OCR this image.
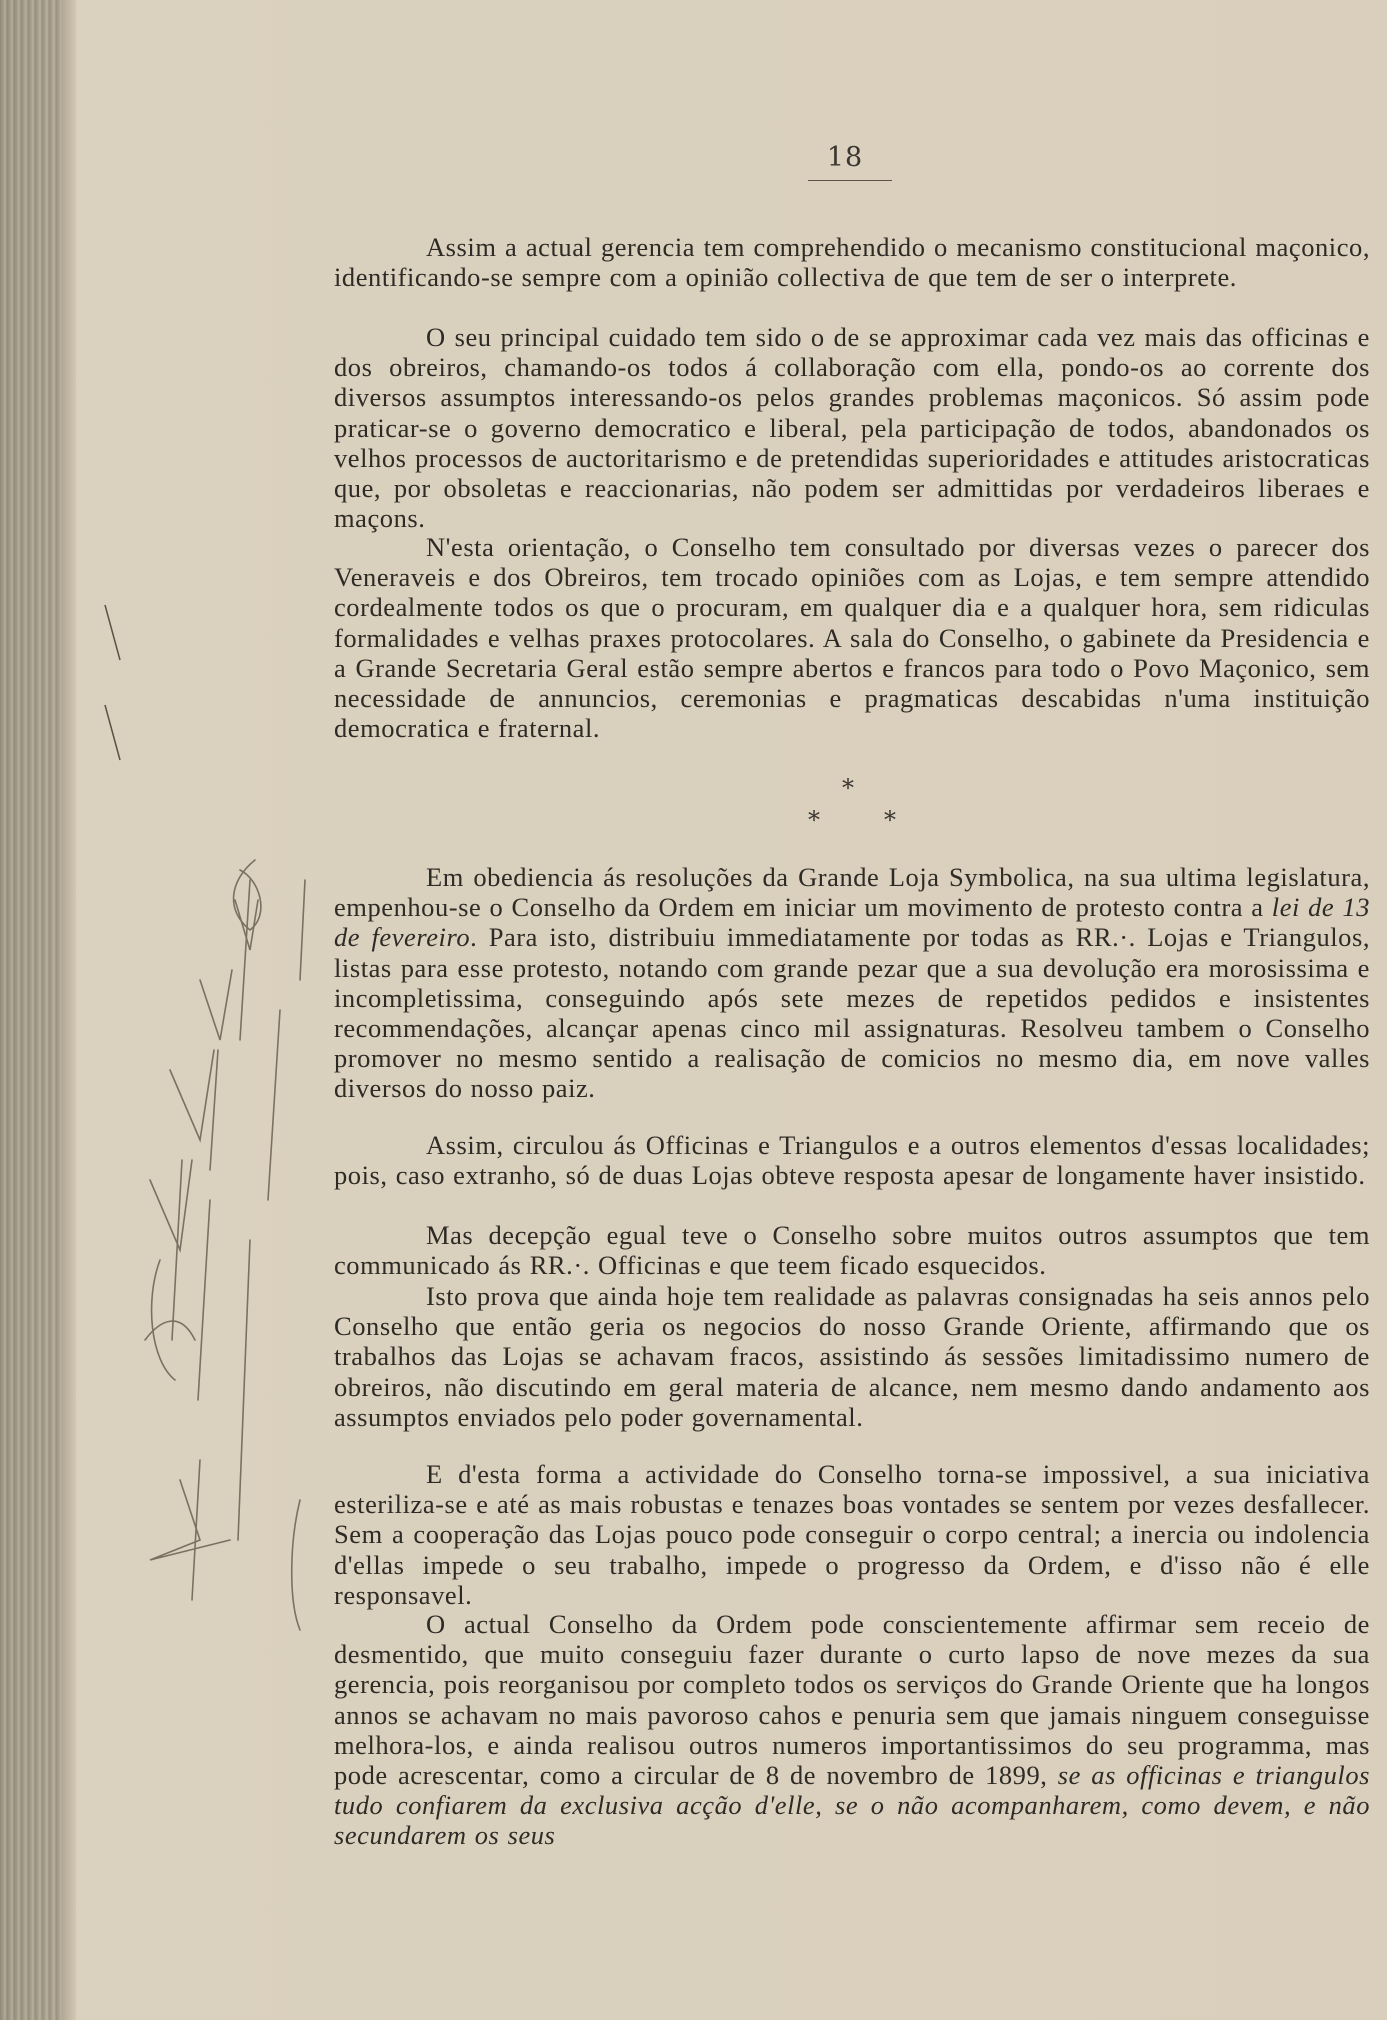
18

Assim a actual gerencia tem comprehendido o mecanismo constitucional maçonico, identificando-se sempre com a opinião collectiva de que tem de ser o interprete.

O seu principal cuidado tem sido o de se approximar cada vez mais das officinas e dos obreiros, chamando-os todos á collaboração com ella, pondo-os ao corrente dos diversos assumptos interessando-os pelos grandes problemas maçonicos. Só assim pode praticar-se o governo democratico e liberal, pela participação de todos, abandonados os velhos processos de auctoritarismo e de pretendidas superioridades e attitudes aristocraticas que, por obsoletas e reaccionarias, não podem ser admittidas por verdadeiros liberaes e maçons.

N'esta orientação, o Conselho tem consultado por diversas vezes o parecer dos Veneraveis e dos Obreiros, tem trocado opiniões com as Lojas, e tem sempre attendido cordealmente todos os que o procuram, em qualquer dia e a qualquer hora, sem ridiculas formalidades e velhas praxes protocolares. A sala do Conselho, o gabinete da Presidencia e a Grande Secretaria Geral estão sempre abertos e francos para todo o Povo Maçonico, sem necessidade de annuncios, ceremonias e pragmaticas descabidas n'uma instituição democratica e fraternal.

*
*	*

Em obediencia ás resoluções da Grande Loja Symbolica, na sua ultima legislatura, empenhou-se o Conselho da Ordem em iniciar um movimento de protesto contra a lei de 13 de fevereiro. Para isto, distribuiu immediatamente por todas as RR.·. Lojas e Triangulos, listas para esse protesto, notando com grande pezar que a sua devolução era morosissima e incompletissima, conseguindo após sete mezes de repetidos pedidos e insistentes recommendações, alcançar apenas cinco mil assignaturas. Resolveu tambem o Conselho promover no mesmo sentido a realisação de comicios no mesmo dia, em nove valles diversos do nosso paiz.

Assim, circulou ás Officinas e Triangulos e a outros elementos d'essas localidades; pois, caso extranho, só de duas Lojas obteve resposta apesar de longamente haver insistido.

Mas decepção egual teve o Conselho sobre muitos outros assumptos que tem communicado ás RR.·. Officinas e que teem ficado esquecidos.

Isto prova que ainda hoje tem realidade as palavras consignadas ha seis annos pelo Conselho que então geria os negocios do nosso Grande Oriente, affirmando que os trabalhos das Lojas se achavam fracos, assistindo ás sessões limitadissimo numero de obreiros, não discutindo em geral materia de alcance, nem mesmo dando andamento aos assumptos enviados pelo poder governamental.

E d'esta forma a actividade do Conselho torna-se impossivel, a sua iniciativa esteriliza-se e até as mais robustas e tenazes boas vontades se sentem por vezes desfallecer. Sem a cooperação das Lojas pouco pode conseguir o corpo central; a inercia ou indolencia d'ellas impede o seu trabalho, impede o progresso da Ordem, e d'isso não é elle responsavel.

O actual Conselho da Ordem pode conscientemente affirmar sem receio de desmentido, que muito conseguiu fazer durante o curto lapso de nove mezes da sua gerencia, pois reorganisou por completo todos os serviços do Grande Oriente que ha longos annos se achavam no mais pavoroso cahos e penuria sem que jamais ninguem conseguisse melhora-los, e ainda realisou outros numeros importantissimos do seu programma, mas pode acrescentar, como a circular de 8 de novembro de 1899, se as officinas e triangulos tudo confiarem da exclusiva acção d'elle, se o não acompanharem, como devem, e não secundarem os seus
